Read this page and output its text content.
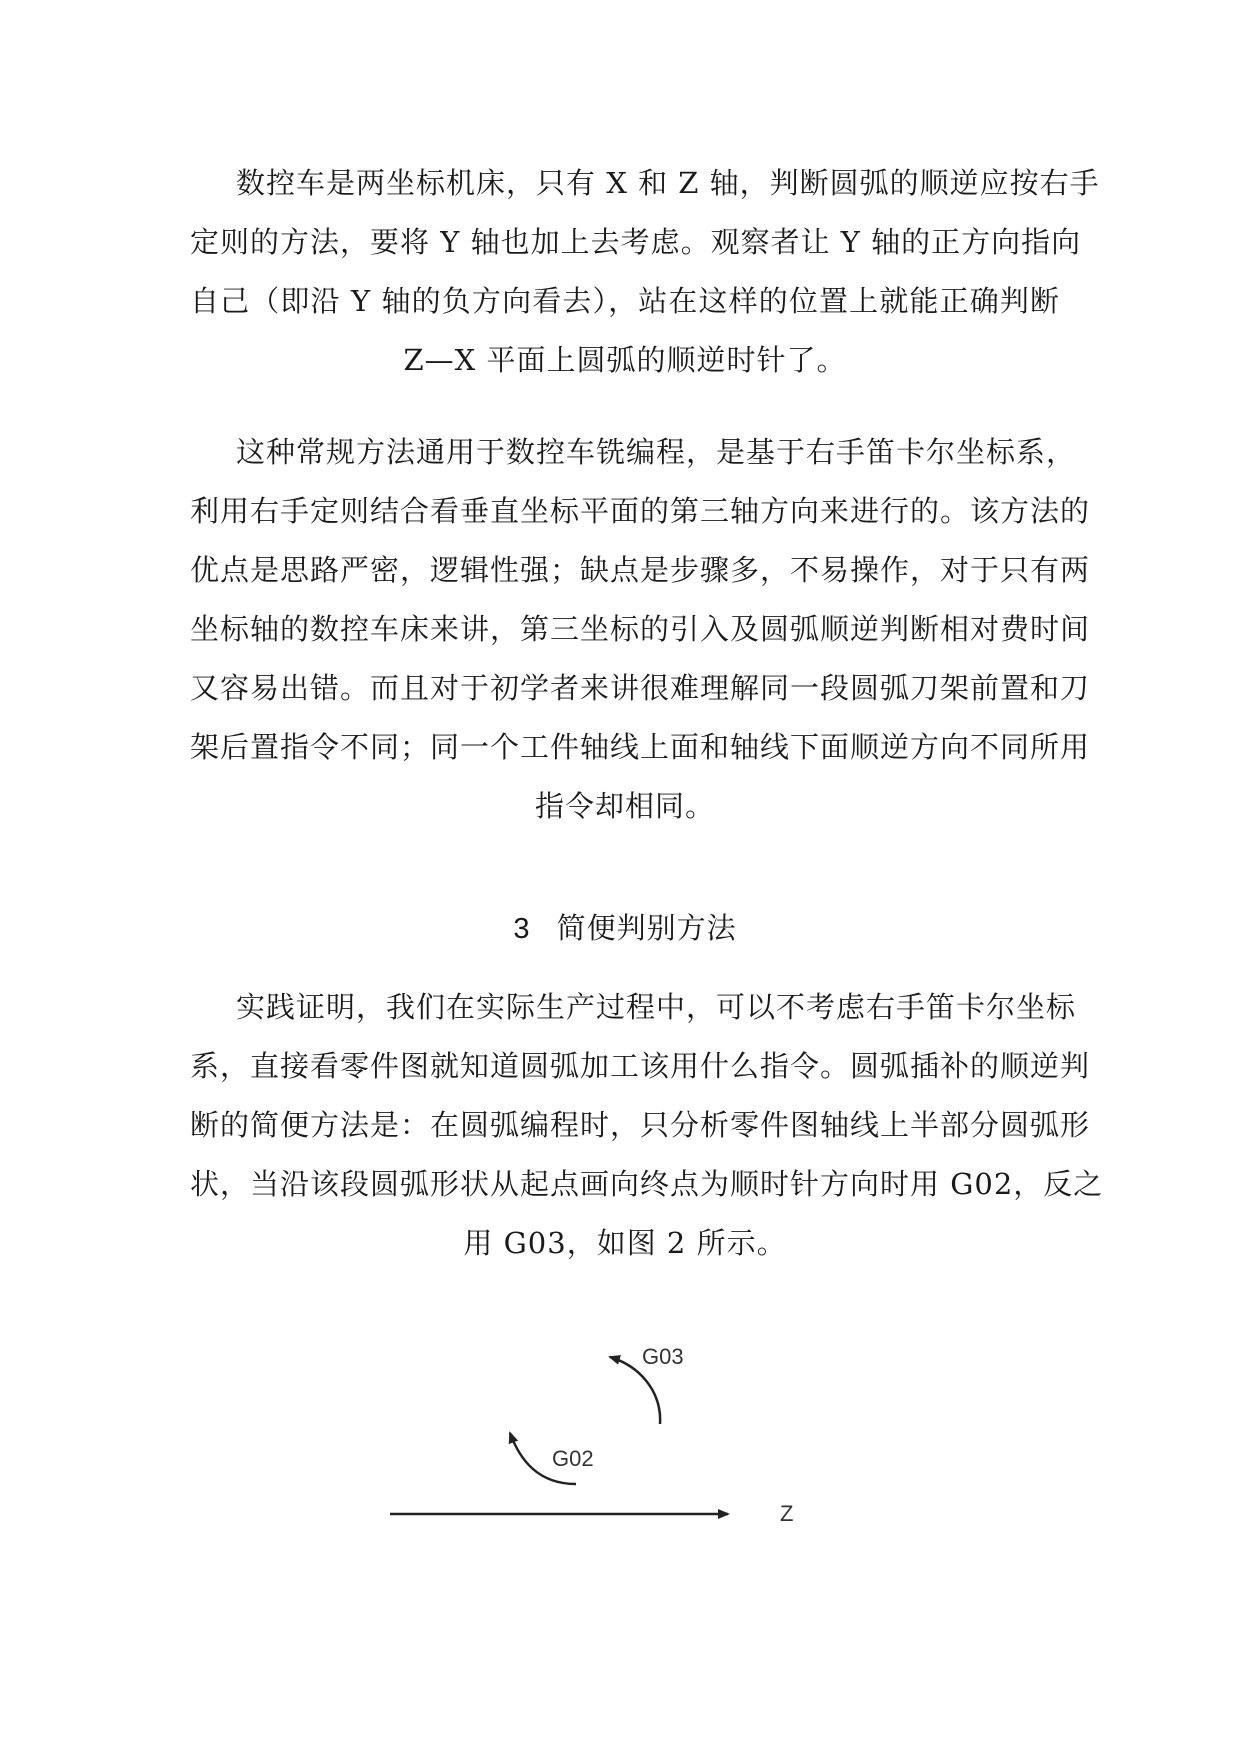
数控车是两坐标机床，只有 X 和 Z 轴，判断圆弧的顺逆应按右手
定则的方法，要将 Y 轴也加上去考虑。观察者让 Y 轴的正方向指向
自己（即沿 Y 轴的负方向看去），站在这样的位置上就能正确判断
Z—X 平面上圆弧的顺逆时针了。
这种常规方法通用于数控车铣编程，是基于右手笛卡尔坐标系，
利用右手定则结合看垂直坐标平面的第三轴方向来进行的。该方法的
优点是思路严密，逻辑性强；缺点是步骤多，不易操作，对于只有两
坐标轴的数控车床来讲，第三坐标的引入及圆弧顺逆判断相对费时间
又容易出错。而且对于初学者来讲很难理解同一段圆弧刀架前置和刀
架后置指令不同；同一个工件轴线上面和轴线下面顺逆方向不同所用
指令却相同。
3 简便判别方法
实践证明，我们在实际生产过程中，可以不考虑右手笛卡尔坐标
系，直接看零件图就知道圆弧加工该用什么指令。圆弧插补的顺逆判
断的简便方法是：在圆弧编程时，只分析零件图轴线上半部分圆弧形
状，当沿该段圆弧形状从起点画向终点为顺时针方向时用 G02，反之
用 G03，如图 2 所示。
G03
G02
Z
